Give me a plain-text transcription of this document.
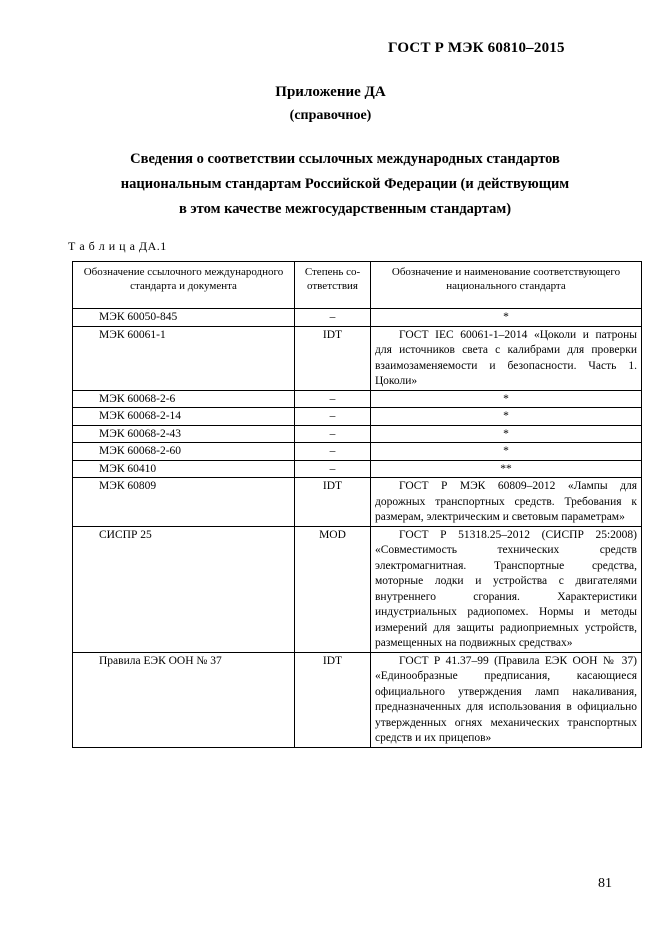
ГОСТ Р МЭК 60810–2015
Приложение ДА
(справочное)
Сведения о соответствии ссылочных международных стандартов
национальным стандартам Российской Федерации (и действующим
в этом качестве межгосударственным стандартам)
Т а б л и ц а ДА.1
Обозначение ссылочного международного стандарта и документа	Степень со-ответствия	Обозначение и наименование соответствующего национального стандарта
МЭК 60050-845	–	*
МЭК 60061-1	IDT	ГОСТ IEC 60061-1–2014 «Цоколи и патроны для источников света с калибрами для проверки взаимозаменяемости и безопасности. Часть 1. Цоколи»
МЭК 60068-2-6	–	*
МЭК 60068-2-14	–	*
МЭК 60068-2-43	–	*
МЭК 60068-2-60	–	*
МЭК 60410	–	**
МЭК 60809	IDT	ГОСТ Р МЭК 60809–2012 «Лампы для дорожных транспортных средств. Требования к размерам, электрическим и световым параметрам»
СИСПР 25	MOD	ГОСТ Р 51318.25–2012 (СИСПР 25:2008) «Совместимость технических средств электромагнитная. Транспортные средства, моторные лодки и устройства с двигателями внутреннего сгорания. Характеристики индустриальных радиопомех. Нормы и методы измерений для защиты радиоприемных устройств, размещенных на подвижных средствах»
Правила ЕЭК ООН № 37	IDT	ГОСТ Р 41.37–99 (Правила ЕЭК ООН № 37) «Единообразные предписания, касающиеся официального утверждения ламп накаливания, предназначенных для использования в официально утвержденных огнях механических транспортных средств и их прицепов»
81
